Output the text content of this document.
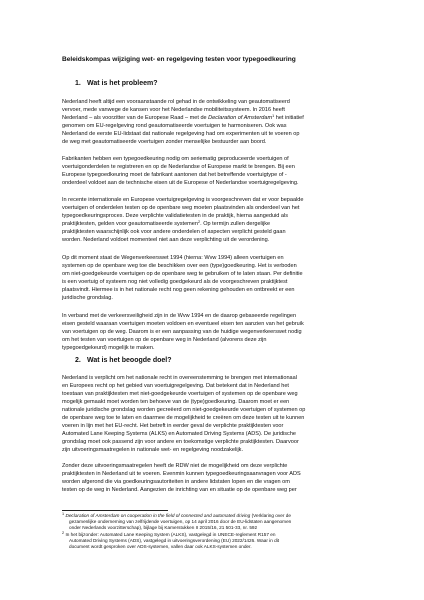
Beleidskompas wijziging wet- en regelgeving testen voor typegoedkeuring
1. Wat is het probleem?
Nederland heeft altijd een vooraanstaande rol gehad in de ontwikkeling van geautomatiseerd
vervoer, mede vanwege de kansen voor het Nederlandse mobiliteitssysteem. In 2016 heeft
Nederland – als voorzitter van de Europese Raad – met de Declaration of Amsterdam$^1$ het initiatief
genomen om EU-regelgeving rond geautomatiseerde voertuigen te harmoniseren. Ook was
Nederland de eerste EU-lidstaat dat nationale regelgeving had om experimenten uit te voeren op
de weg met geautomatiseerde voertuigen zonder menselijke bestuurder aan boord.
Fabrikanten hebben een typegoedkeuring nodig om seriematig geproduceerde voertuigen of
voertuigonderdelen te registreren en op de Nederlandse of Europese markt te brengen. Bij een
Europese typegoedkeuring moet de fabrikant aantonen dat het betreffende voertuigtype of -
onderdeel voldoet aan de technische eisen uit de Europese of Nederlandse voertuigregelgeving.
In recente internationale en Europese voertuigregelgeving is voorgeschreven dat er voor bepaalde
voertuigen of onderdelen testen op de openbare weg moeten plaatsvinden als onderdeel van het
typegoedkeuringsproces. Deze verplichte validatietesten in de praktijk, hierna aangeduid als
praktijktesten, gelden voor geautomatiseerde systemen$^2$. Op termijn zullen dergelijke
praktijktesten waarschijnlijk ook voor andere onderdelen of aspecten verplicht gesteld gaan
worden. Nederland voldoet momenteel niet aan deze verplichting uit de verordening.
Op dit moment staat de Wegenverkeerswet 1994 (hierna: Wvw 1994) alleen voertuigen en
systemen op de openbare weg toe die beschikken over een (type)goedkeuring. Het is verboden
om niet-goedgekeurde voertuigen op de openbare weg te gebruiken of te laten staan. Per definitie
is een voertuig of systeem nog niet volledig goedgekeurd als de voorgeschreven praktijktest
plaatsvindt. Hiermee is in het nationale recht nog geen rekening gehouden en ontbreekt er een
juridische grondslag.
In verband met de verkeersveiligheid zijn in de Wvw 1994 en de daarop gebaseerde regelingen
eisen gesteld waaraan voertuigen moeten voldoen en eventueel eisen ten aanzien van het gebruik
van voertuigen op de weg. Daarom is er een aanpassing van de huidige wegenverkeerswet nodig
om het testen van voertuigen op de openbare weg in Nederland (alvorens deze zijn
typegoedgekeurd) mogelijk te maken.
2. Wat is het beoogde doel?
Nederland is verplicht om het nationale recht in overeenstemming te brengen met internationaal
en Europees recht op het gebied van voertuigregelgeving. Dat betekent dat in Nederland het
toestaan van praktijktesten met niet-goedgekeurde voertuigen of systemen op de openbare weg
mogelijk gemaakt moet worden ten behoeve van de (type)goedkeuring. Daarom moet er een
nationale juridische grondslag worden gecreëerd om niet-goedgekeurde voertuigen of systemen op
de openbare weg toe te laten en daarmee de mogelijkheid te creëren om deze testen uit te kunnen
voeren in lijn met het EU-recht. Het betreft in eerder geval de verplichte praktijktesten voor
Automated Lane Keeping Systems (ALKS) en Automated Driving Systems (ADS). De juridische
grondslag moet ook passend zijn voor andere en toekomstige verplichte praktijktesten. Daarvoor
zijn uitvoeringsmaatregelen in nationale wet- en regelgeving noodzakelijk.
Zonder deze uitvoeringsmaatregelen heeft de RDW niet de mogelijkheid om deze verplichte
praktijktesten in Nederland uit te voeren. Evenmin kunnen typegoedkeuringsaanvragen voor ADS
worden afgerond die via goedkeuringsautoriteiten in andere lidstaten lopen en die vragen om
testen op de weg in Nederland. Aangezien de inrichting van en situatie op de openbare weg per
$^1$ Declaration of Amsterdam on cooperation in the field of connected and automated driving (Verklaring over de
gezamenlijke onderneming van zelfrijdende voertuigen, op 14 april 2016 door de EU-lidstaten aangenomen
onder Nederlands voorzitterschap), bijlage bij Kamerstukken II 2015/16, 21 501-33, nr. 592
$^2$ In het bijzonder: Automated Lane Keeping System (ALKS), vastgelegd in UNECE-reglement R157 en
Automated Driving Systems (ADS), vastgelegd in uitvoeringsverordening (EU) 2022/1426. Waar in dit
document wordt gesproken over ADS-systemen, vallen daar ook ALKS-systemen onder.
